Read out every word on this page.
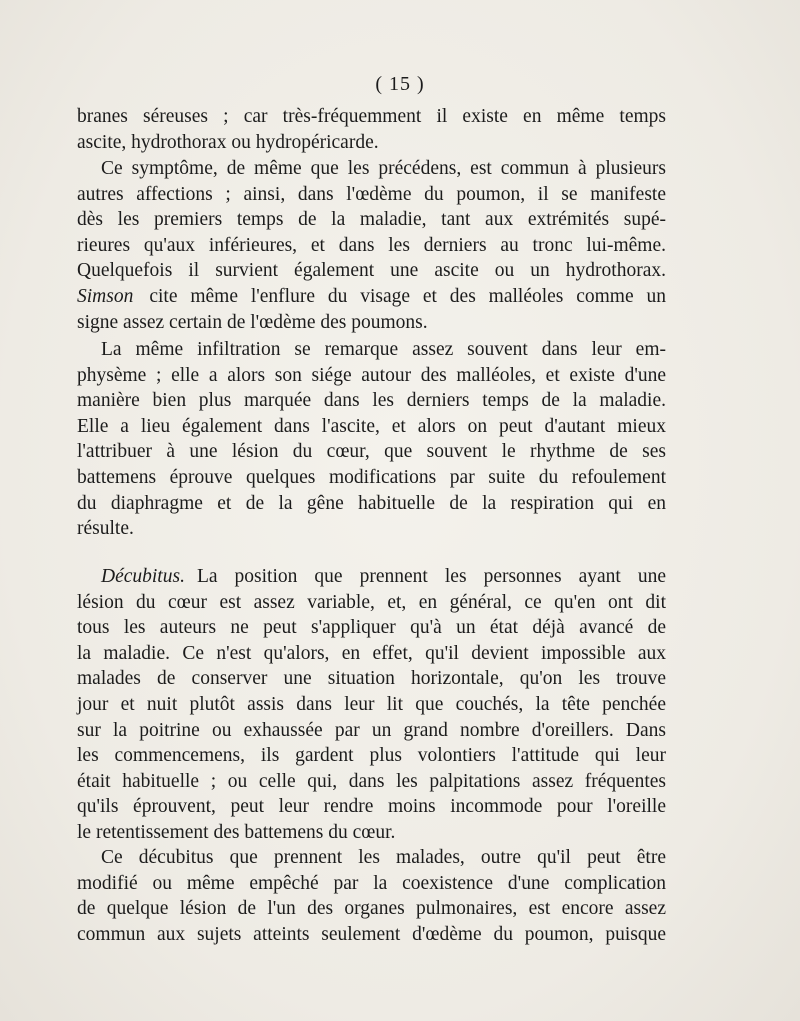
( 15 )
branes séreuses ; car très-fréquemment il existe en même temps
ascite, hydrothorax ou hydropéricarde.
Ce symptôme, de même que les précédens, est commun à plusieurs
autres affections ; ainsi, dans l'œdème du poumon, il se manifeste
dès les premiers temps de la maladie, tant aux extrémités supé-
rieures qu'aux inférieures, et dans les derniers au tronc lui-même.
Quelquefois il survient également une ascite ou un hydrothorax.
Simson cite même l'enflure du visage et des malléoles comme un
signe assez certain de l'œdème des poumons.
La même infiltration se remarque assez souvent dans leur em-
physème ; elle a alors son siége autour des malléoles, et existe d'une
manière bien plus marquée dans les derniers temps de la maladie.
Elle a lieu également dans l'ascite, et alors on peut d'autant mieux
l'attribuer à une lésion du cœur, que souvent le rhythme de ses
battemens éprouve quelques modifications par suite du refoulement
du diaphragme et de la gêne habituelle de la respiration qui en
résulte.
Décubitus. La position que prennent les personnes ayant une
lésion du cœur est assez variable, et, en général, ce qu'en ont dit
tous les auteurs ne peut s'appliquer qu'à un état déjà avancé de
la maladie. Ce n'est qu'alors, en effet, qu'il devient impossible aux
malades de conserver une situation horizontale, qu'on les trouve
jour et nuit plutôt assis dans leur lit que couchés, la tête penchée
sur la poitrine ou exhaussée par un grand nombre d'oreillers. Dans
les commencemens, ils gardent plus volontiers l'attitude qui leur
était habituelle ; ou celle qui, dans les palpitations assez fréquentes
qu'ils éprouvent, peut leur rendre moins incommode pour l'oreille
le retentissement des battemens du cœur.
Ce décubitus que prennent les malades, outre qu'il peut être
modifié ou même empêché par la coexistence d'une complication
de quelque lésion de l'un des organes pulmonaires, est encore assez
commun aux sujets atteints seulement d'œdème du poumon, puisque
